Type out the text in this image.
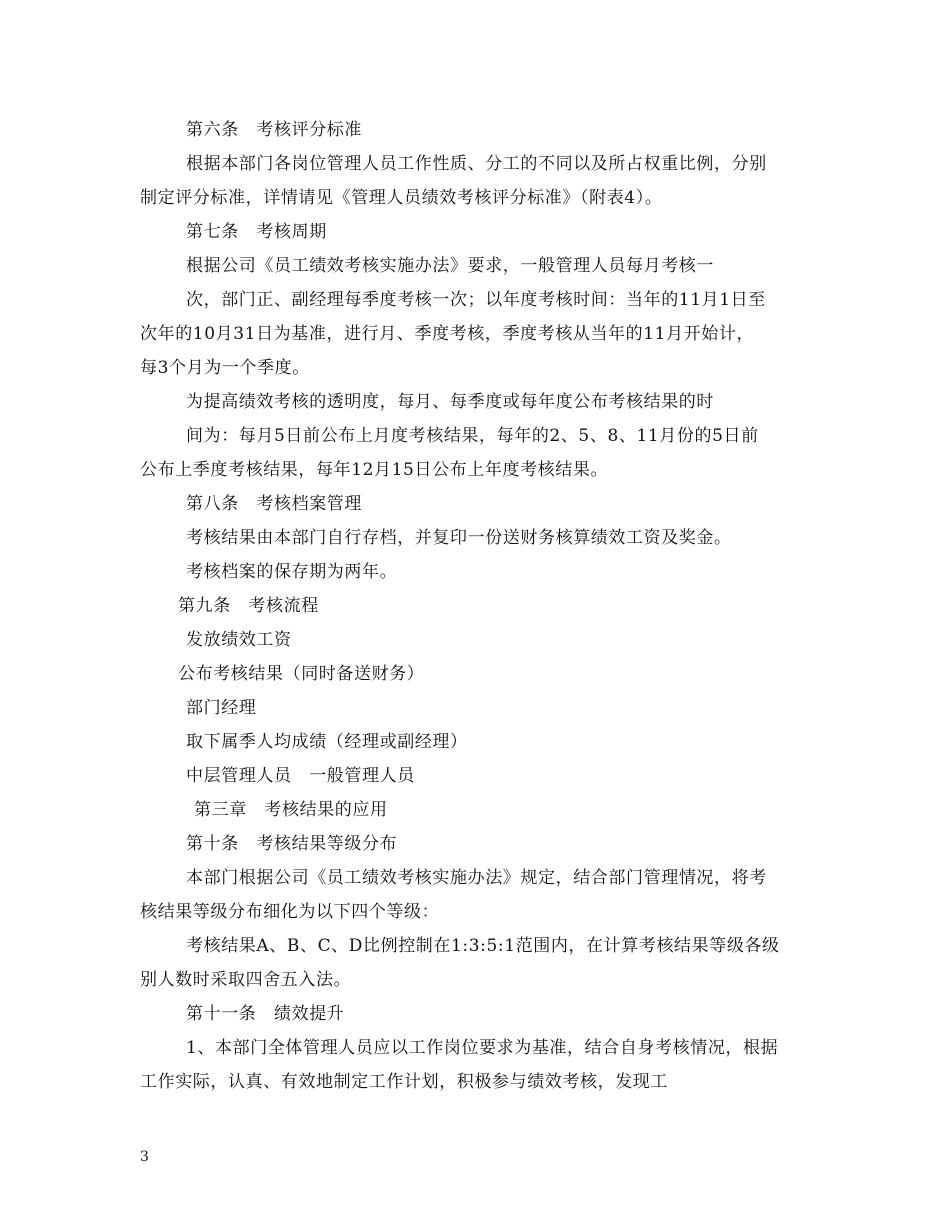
第六条　考核评分标准
根据本部门各岗位管理人员工作性质、分工的不同以及所占权重比例，分别
制定评分标准，详情请见《管理人员绩效考核评分标准》（附表4）。
第七条　考核周期
根据公司《员工绩效考核实施办法》要求，一般管理人员每月考核一
次，部门正、副经理每季度考核一次；以年度考核时间：当年的11月1日至
次年的10月31日为基准，进行月、季度考核，季度考核从当年的11月开始计，
每3个月为一个季度。
为提高绩效考核的透明度，每月、每季度或每年度公布考核结果的时
间为：每月5日前公布上月度考核结果，每年的2、5、8、11月份的5日前
公布上季度考核结果，每年12月15日公布上年度考核结果。
第八条　考核档案管理
考核结果由本部门自行存档，并复印一份送财务核算绩效工资及奖金。
考核档案的保存期为两年。
第九条　考核流程
发放绩效工资
公布考核结果（同时备送财务）
部门经理
取下属季人均成绩（经理或副经理）
中层管理人员　一般管理人员
第三章　考核结果的应用
第十条　考核结果等级分布
本部门根据公司《员工绩效考核实施办法》规定，结合部门管理情况，将考
核结果等级分布细化为以下四个等级：
考核结果A、B、C、D比例控制在1:3:5:1范围内，在计算考核结果等级各级
别人数时采取四舍五入法。
第十一条　绩效提升
1、本部门全体管理人员应以工作岗位要求为基准，结合自身考核情况，根据
工作实际，认真、有效地制定工作计划，积极参与绩效考核，发现工
3
